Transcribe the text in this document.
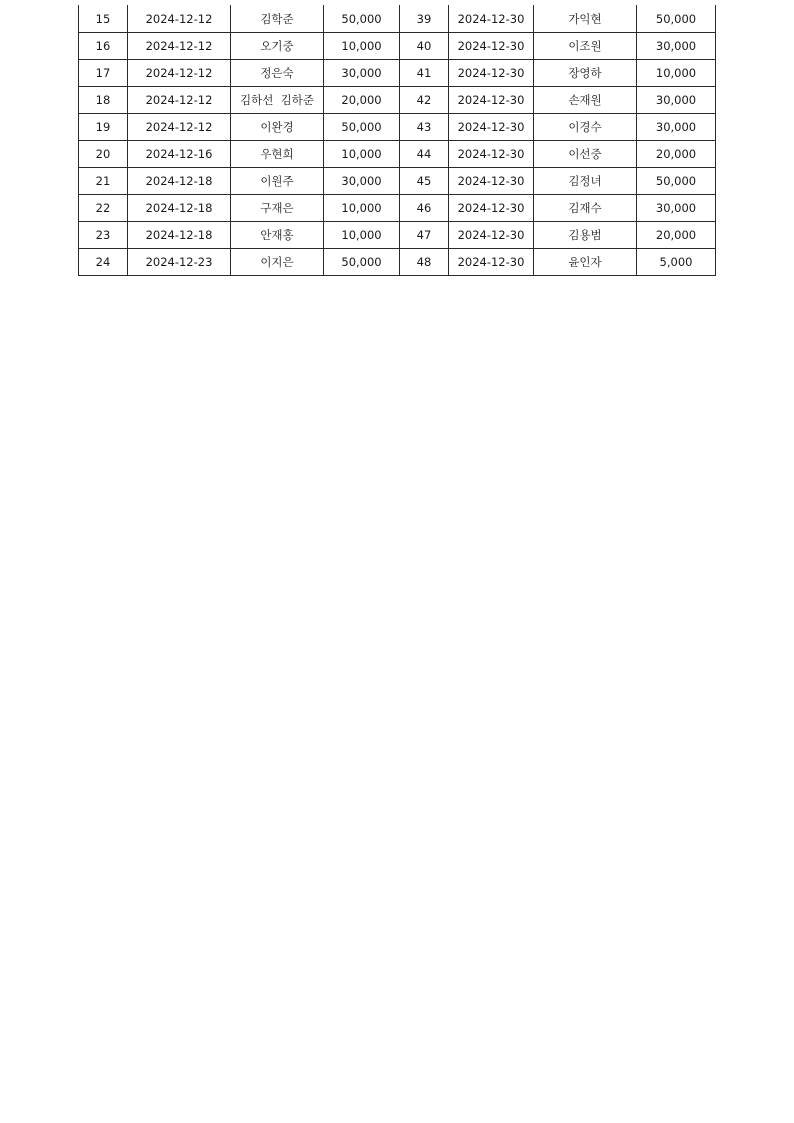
15	2024-12-12	김학준	50,000	39	2024-12-30	가익현	50,000
16	2024-12-12	오기중	10,000	40	2024-12-30	이조원	30,000
17	2024-12-12	정은숙	30,000	41	2024-12-30	장영하	10,000
18	2024-12-12	김하선  김하준	20,000	42	2024-12-30	손재원	30,000
19	2024-12-12	이완경	50,000	43	2024-12-30	이경수	30,000
20	2024-12-16	우현희	10,000	44	2024-12-30	이선중	20,000
21	2024-12-18	이원주	30,000	45	2024-12-30	김정녀	50,000
22	2024-12-18	구재은	10,000	46	2024-12-30	김재수	30,000
23	2024-12-18	안재홍	10,000	47	2024-12-30	김용범	20,000
24	2024-12-23	이지은	50,000	48	2024-12-30	윤인자	5,000
